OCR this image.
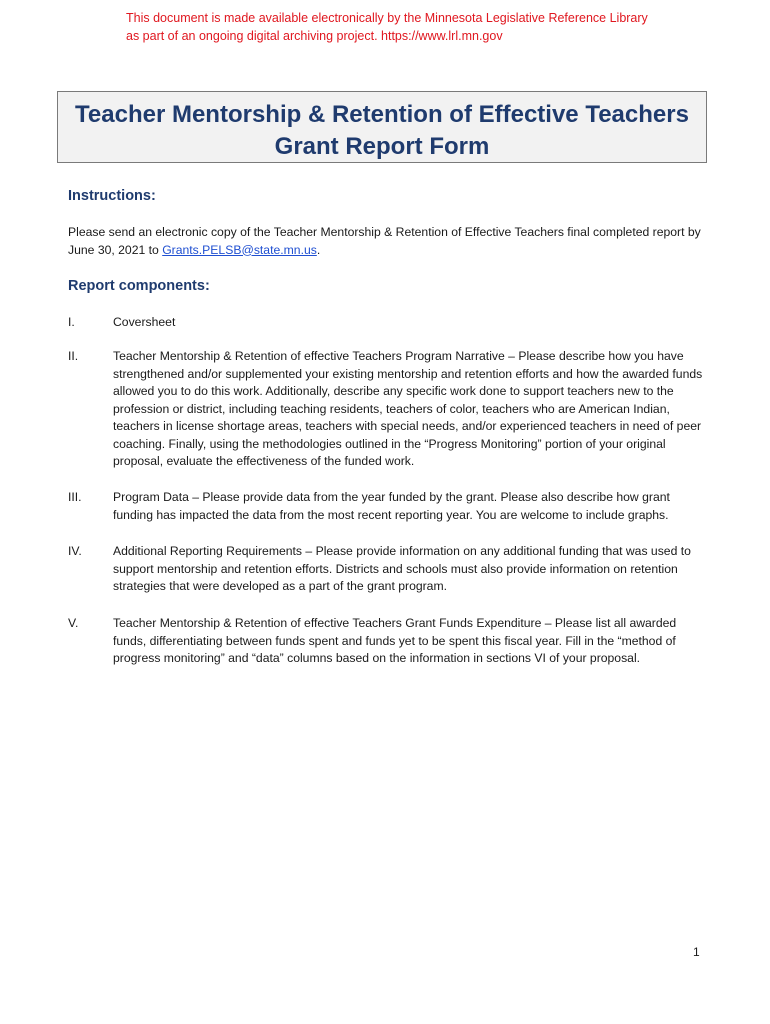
This document is made available electronically by the Minnesota Legislative Reference Library
as part of an ongoing digital archiving project. https://www.lrl.mn.gov
Teacher Mentorship & Retention of Effective Teachers
Grant Report Form
Instructions:
Please send an electronic copy of the Teacher Mentorship & Retention of Effective Teachers final completed report by June 30, 2021 to Grants.PELSB@state.mn.us.
Report components:
I.	Coversheet
II.	Teacher Mentorship & Retention of effective Teachers Program Narrative – Please describe how you have strengthened and/or supplemented your existing mentorship and retention efforts and how the awarded funds allowed you to do this work. Additionally, describe any specific work done to support teachers new to the profession or district, including teaching residents, teachers of color, teachers who are American Indian, teachers in license shortage areas, teachers with special needs, and/or experienced teachers in need of peer coaching. Finally, using the methodologies outlined in the “Progress Monitoring” portion of your original proposal, evaluate the effectiveness of the funded work.
III.	Program Data – Please provide data from the year funded by the grant. Please also describe how grant funding has impacted the data from the most recent reporting year. You are welcome to include graphs.
IV.	Additional Reporting Requirements – Please provide information on any additional funding that was used to support mentorship and retention efforts. Districts and schools must also provide information on retention strategies that were developed as a part of the grant program.
V.	Teacher Mentorship & Retention of effective Teachers Grant Funds Expenditure – Please list all awarded funds, differentiating between funds spent and funds yet to be spent this fiscal year. Fill in the “method of progress monitoring” and “data” columns based on the information in sections VI of your proposal.
1
